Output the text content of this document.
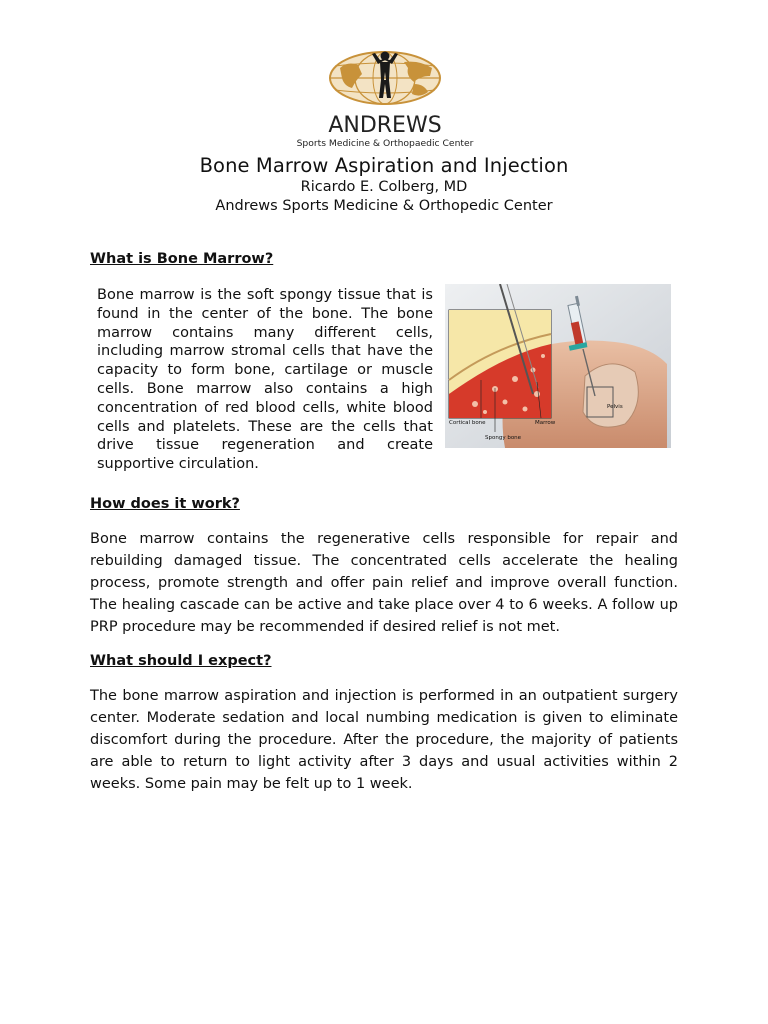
ANDREWS
Sports Medicine & Orthopaedic Center
Bone Marrow Aspiration and Injection
Ricardo E. Colberg, MD
Andrews Sports Medicine & Orthopedic Center
What is Bone Marrow?

Bone marrow is the soft spongy tissue that is found in the center of the bone. The bone marrow contains many different cells, including marrow stromal cells that have the capacity to form bone, cartilage or muscle cells. Bone marrow also contains a high concentration of red blood cells, white blood cells and platelets. These are the cells that drive tissue regeneration and create supportive circulation.

Cortical bone
Spongy bone
Marrow
Pelvis
How does it work?

Bone marrow contains the regenerative cells responsible for repair and rebuilding damaged tissue. The concentrated cells accelerate the healing process, promote strength and offer pain relief and improve overall function. The healing cascade can be active and take place over 4 to 6 weeks. A follow up PRP procedure may be recommended if desired relief is not met.

What should I expect?

The bone marrow aspiration and injection is performed in an outpatient surgery center. Moderate sedation and local numbing medication is given to eliminate discomfort during the procedure. After the procedure, the majority of patients are able to return to light activity after 3 days and usual activities within 2 weeks. Some pain may be felt up to 1 week.
